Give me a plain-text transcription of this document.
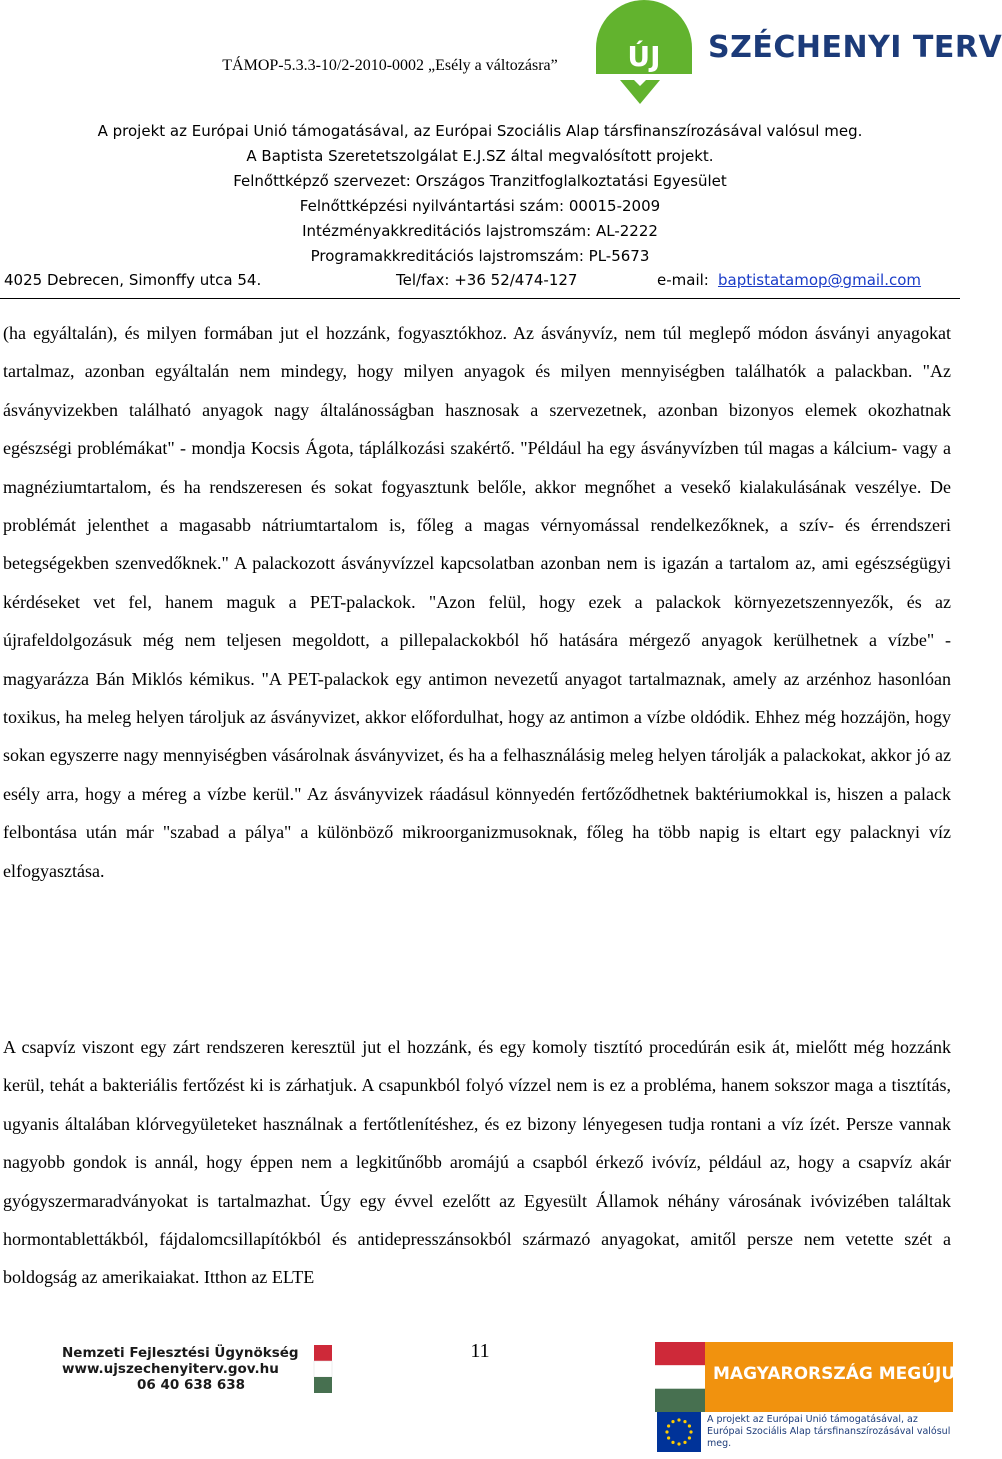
TÁMOP-5.3.3-10/2-2010-0002 „Esély a változásra”	ÚJ SZÉCHENYI TERV
A projekt az Európai Unió támogatásával, az Európai Szociális Alap társfinanszírozásával valósul meg.
A Baptista Szeretetszolgálat E.J.SZ által megvalósított projekt.
Felnőttképző szervezet: Országos Tranzitfoglalkoztatási Egyesület
Felnőttképzési nyilvántartási szám: 00015-2009
Intézményakkreditációs lajstromszám: AL-2222
Programakkreditációs lajstromszám: PL-5673
4025 Debrecen, Simonffy utca 54.	Tel/fax: +36 52/474-127	e-mail: baptistatamop@gmail.com

(ha egyáltalán), és milyen formában jut el hozzánk, fogyasztókhoz. Az ásványvíz, nem túl meglepő módon ásványi anyagokat tartalmaz, azonban egyáltalán nem mindegy, hogy milyen anyagok és milyen mennyiségben találhatók a palackban. "Az ásványvizekben található anyagok nagy általánosságban hasznosak a szervezetnek, azonban bizonyos elemek okozhatnak egészségi problémákat" - mondja Kocsis Ágota, táplálkozási szakértő. "Például ha egy ásványvízben túl magas a kálcium- vagy a magnéziumtartalom, és ha rendszeresen és sokat fogyasztunk belőle, akkor megnőhet a vesekő kialakulásának veszélye. De problémát jelenthet a magasabb nátriumtartalom is, főleg a magas vérnyomással rendelkezőknek, a szív- és érrendszeri betegségekben szenvedőknek." A palackozott ásványvízzel kapcsolatban azonban nem is igazán a tartalom az, ami egészségügyi kérdéseket vet fel, hanem maguk a PET-palackok. "Azon felül, hogy ezek a palackok környezetszennyezők, és az újrafeldolgozásuk még nem teljesen megoldott, a pillepalackokból hő hatására mérgező anyagok kerülhetnek a vízbe" - magyarázza Bán Miklós kémikus. "A PET-palackok egy antimon nevezetű anyagot tartalmaznak, amely az arzénhoz hasonlóan toxikus, ha meleg helyen tároljuk az ásványvizet, akkor előfordulhat, hogy az antimon a vízbe oldódik. Ehhez még hozzájön, hogy sokan egyszerre nagy mennyiségben vásárolnak ásványvizet, és ha a felhasználásig meleg helyen tárolják a palackokat, akkor jó az esély arra, hogy a méreg a vízbe kerül." Az ásványvizek ráadásul könnyedén fertőződhetnek baktériumokkal is, hiszen a palack felbontása után már "szabad a pálya" a különböző mikroorganizmusoknak, főleg ha több napig is eltart egy palacknyi víz elfogyasztása.

A csapvíz viszont egy zárt rendszeren keresztül jut el hozzánk, és egy komoly tisztító procedúrán esik át, mielőtt még hozzánk kerül, tehát a bakteriális fertőzést ki is zárhatjuk. A csapunkból folyó vízzel nem is ez a probléma, hanem sokszor maga a tisztítás, ugyanis általában klórvegyületeket használnak a fertőtlenítéshez, és ez bizony lényegesen tudja rontani a víz ízét. Persze vannak nagyobb gondok is annál, hogy éppen nem a legkitűnőbb aromájú a csapból érkező ivóvíz, például az, hogy a csapvíz akár gyógyszermaradványokat is tartalmazhat. Úgy egy évvel ezelőtt az Egyesült Államok néhány városának ivóvizében találtak hormontablettákból, fájdalomcsillapítókból és antidepresszánsokból származó anyagokat, amitől persze nem vetette szét a boldogság az amerikaiakat. Itthon az ELTE

11
Nemzeti Fejlesztési Ügynökség
www.ujszechenyiterv.gov.hu
06 40 638 638
MAGYARORSZÁG MEGÚJUL
A projekt az Európai Unió támogatásával, az Európai Szociális Alap társfinanszírozásával valósul meg.
